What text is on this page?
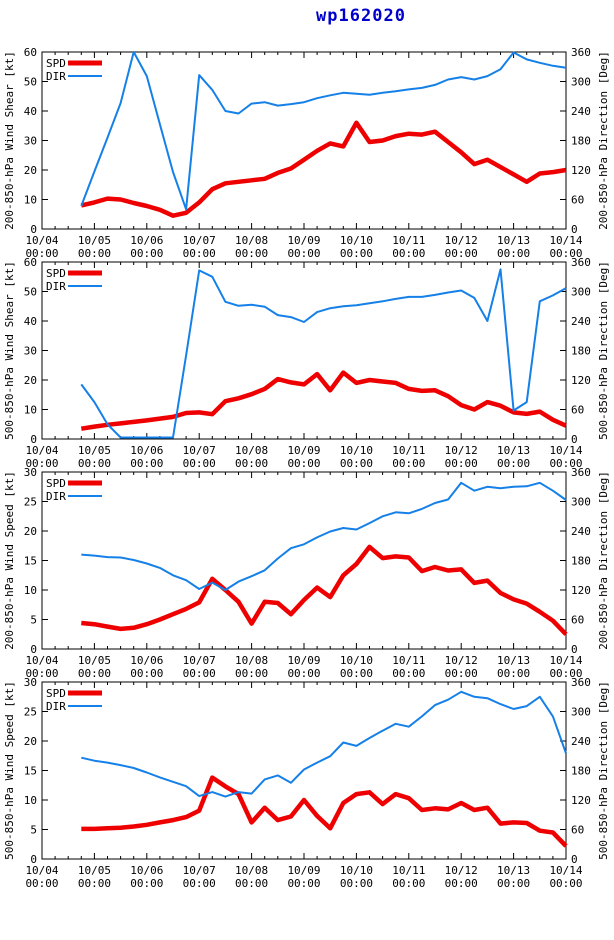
wp162020
0
10
20
30
40
50
60
0
60
120
180
240
300
360
10/04
00:00
10/05
00:00
10/06
00:00
10/07
00:00
10/08
00:00
10/09
00:00
10/10
00:00
10/11
00:00
10/12
00:00
10/13
00:00
10/14
00:00
200-850-hPa Wind Shear [kt]	200-850-hPa Direction [Deg]
SPD
DIR
0
10
20
30
40
50
60
0
60
120
180
240
300
360
10/04
00:00
10/05
00:00
10/06
00:00
10/07
00:00
10/08
00:00
10/09
00:00
10/10
00:00
10/11
00:00
10/12
00:00
10/13
00:00
10/14
00:00
500-850-hPa Wind Shear [kt]	500-850-hPa Direction [Deg]
SPD
DIR
0
5
10
15
20
25
30
0
60
120
180
240
300
360
10/04
00:00
10/05
00:00
10/06
00:00
10/07
00:00
10/08
00:00
10/09
00:00
10/10
00:00
10/11
00:00
10/12
00:00
10/13
00:00
10/14
00:00
200-850-hPa Wind Speed [kt]	200-850-hPa Direction [Deg]
SPD
DIR
0
5
10
15
20
25
30
0
60
120
180
240
300
360
10/04
00:00
10/05
00:00
10/06
00:00
10/07
00:00
10/08
00:00
10/09
00:00
10/10
00:00
10/11
00:00
10/12
00:00
10/13
00:00
10/14
00:00
500-850-hPa Wind Speed [kt]	500-850-hPa Direction [Deg]
SPD
DIR
